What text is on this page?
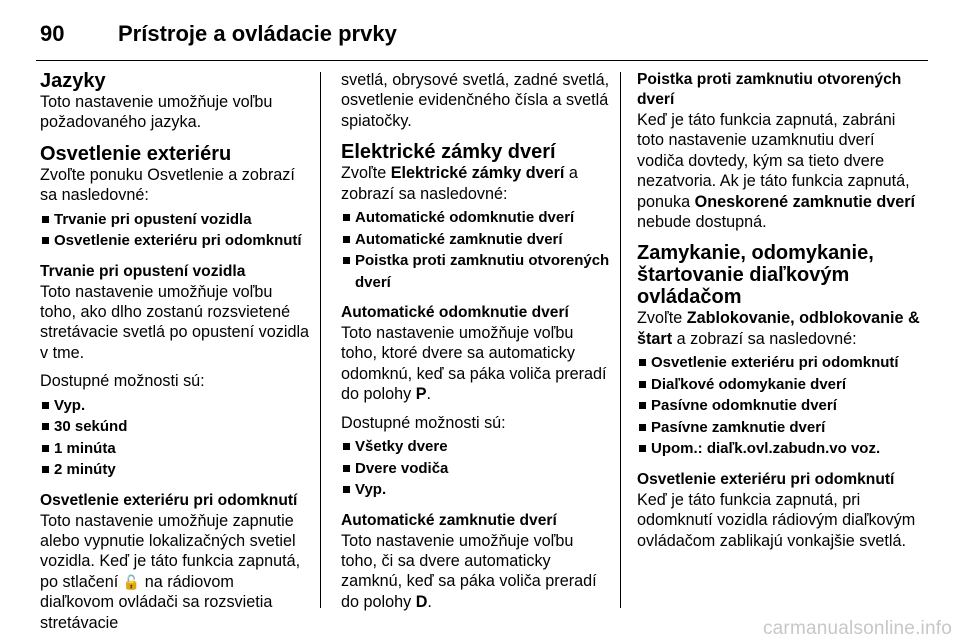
90 Prístroje a ovládacie prvky
Jazyky

Toto nastavenie umožňuje voľbu požadovaného jazyka.

Osvetlenie exteriéru

Zvoľte ponuku Osvetlenie a zobrazí sa nasledovné:

Trvanie pri opustení vozidla
Osvetlenie exteriéru pri odomknutí
Trvanie pri opustení vozidla

Toto nastavenie umožňuje voľbu toho, ako dlho zostanú rozsvietené stretávacie svetlá po opustení vozidla v tme.

Dostupné možnosti sú:

Vyp.
30 sekúnd
1 minúta
2 minúty
Osvetlenie exteriéru pri odomknutí

Toto nastavenie umožňuje zapnutie alebo vypnutie lokalizačných svetiel vozidla. Keď je táto funkcia zapnutá, po stlačení 🔓 na rádiovom diaľkovom ovládači sa rozsvietia stretávacie

svetlá, obrysové svetlá, zadné svetlá, osvetlenie evidenčného čísla a svetlá spiatočky.

Elektrické zámky dverí

Zvoľte Elektrické zámky dverí a zobrazí sa nasledovné:

Automatické odomknutie dverí
Automatické zamknutie dverí
Poistka proti zamknutiu otvorených dverí
Automatické odomknutie dverí

Toto nastavenie umožňuje voľbu toho, ktoré dvere sa automaticky odomknú, keď sa páka voliča preradí do polohy P.

Dostupné možnosti sú:

Všetky dvere
Dvere vodiča
Vyp.
Automatické zamknutie dverí

Toto nastavenie umožňuje voľbu toho, či sa dvere automaticky zamknú, keď sa páka voliča preradí do polohy D.

Poistka proti zamknutiu otvorených dverí

Keď je táto funkcia zapnutá, zabráni toto nastavenie uzamknutiu dverí vodiča dovtedy, kým sa tieto dvere nezatvoria. Ak je táto funkcia zapnutá, ponuka Oneskorené zamknutie dverí nebude dostupná.

Zamykanie, odomykanie, štartovanie diaľkovým ovládačom

Zvoľte Zablokovanie, odblokovanie & štart a zobrazí sa nasledovné:

Osvetlenie exteriéru pri odomknutí
Diaľkové odomykanie dverí
Pasívne odomknutie dverí
Pasívne zamknutie dverí
Upom.: diaľk.ovl.zabudn.vo voz.
Osvetlenie exteriéru pri odomknutí

Keď je táto funkcia zapnutá, pri odomknutí vozidla rádiovým diaľkovým ovládačom zablikajú vonkajšie svetlá.

carmanualsonline.info
